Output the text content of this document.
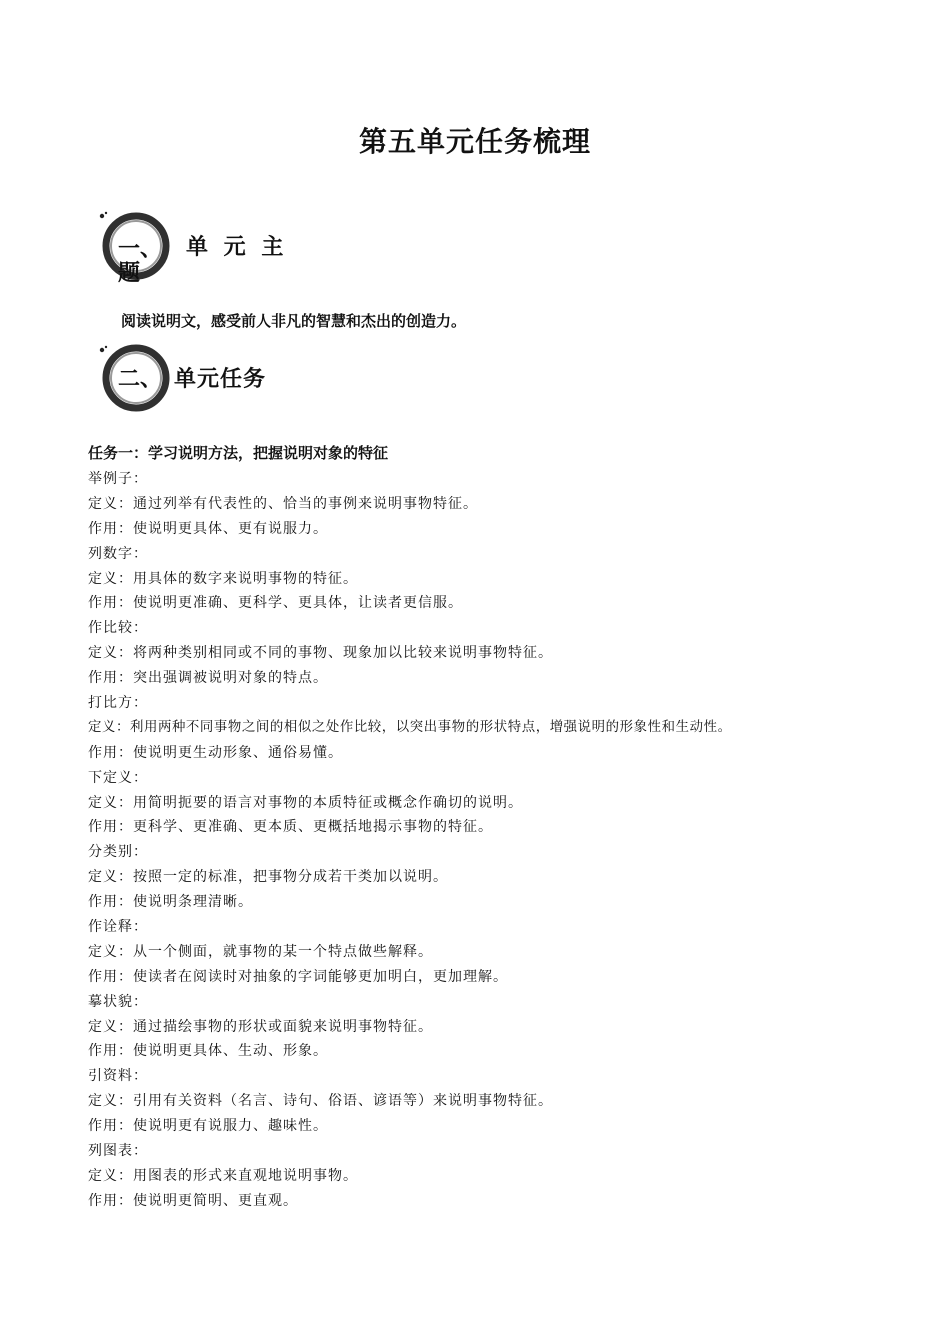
第五单元任务梳理
一、 单 元 主
题
阅读说明文，感受前人非凡的智慧和杰出的创造力。
二、 单元任务
任务一：学习说明方法，把握说明对象的特征
举例子：
定义：通过列举有代表性的、恰当的事例来说明事物特征。
作用：使说明更具体、更有说服力。
列数字：
定义：用具体的数字来说明事物的特征。
作用：使说明更准确、更科学、更具体，让读者更信服。
作比较：
定义：将两种类别相同或不同的事物、现象加以比较来说明事物特征。
作用：突出强调被说明对象的特点。
打比方：
定义：利用两种不同事物之间的相似之处作比较，以突出事物的形状特点，增强说明的形象性和生动性。
作用：使说明更生动形象、通俗易懂。
下定义：
定义：用简明扼要的语言对事物的本质特征或概念作确切的说明。
作用：更科学、更准确、更本质、更概括地揭示事物的特征。
分类别：
定义：按照一定的标准，把事物分成若干类加以说明。
作用：使说明条理清晰。
作诠释：
定义：从一个侧面，就事物的某一个特点做些解释。
作用：使读者在阅读时对抽象的字词能够更加明白，更加理解。
摹状貌：
定义：通过描绘事物的形状或面貌来说明事物特征。
作用：使说明更具体、生动、形象。
引资料：
定义：引用有关资料（名言、诗句、俗语、谚语等）来说明事物特征。
作用：使说明更有说服力、趣味性。
列图表：
定义：用图表的形式来直观地说明事物。
作用：使说明更简明、更直观。
